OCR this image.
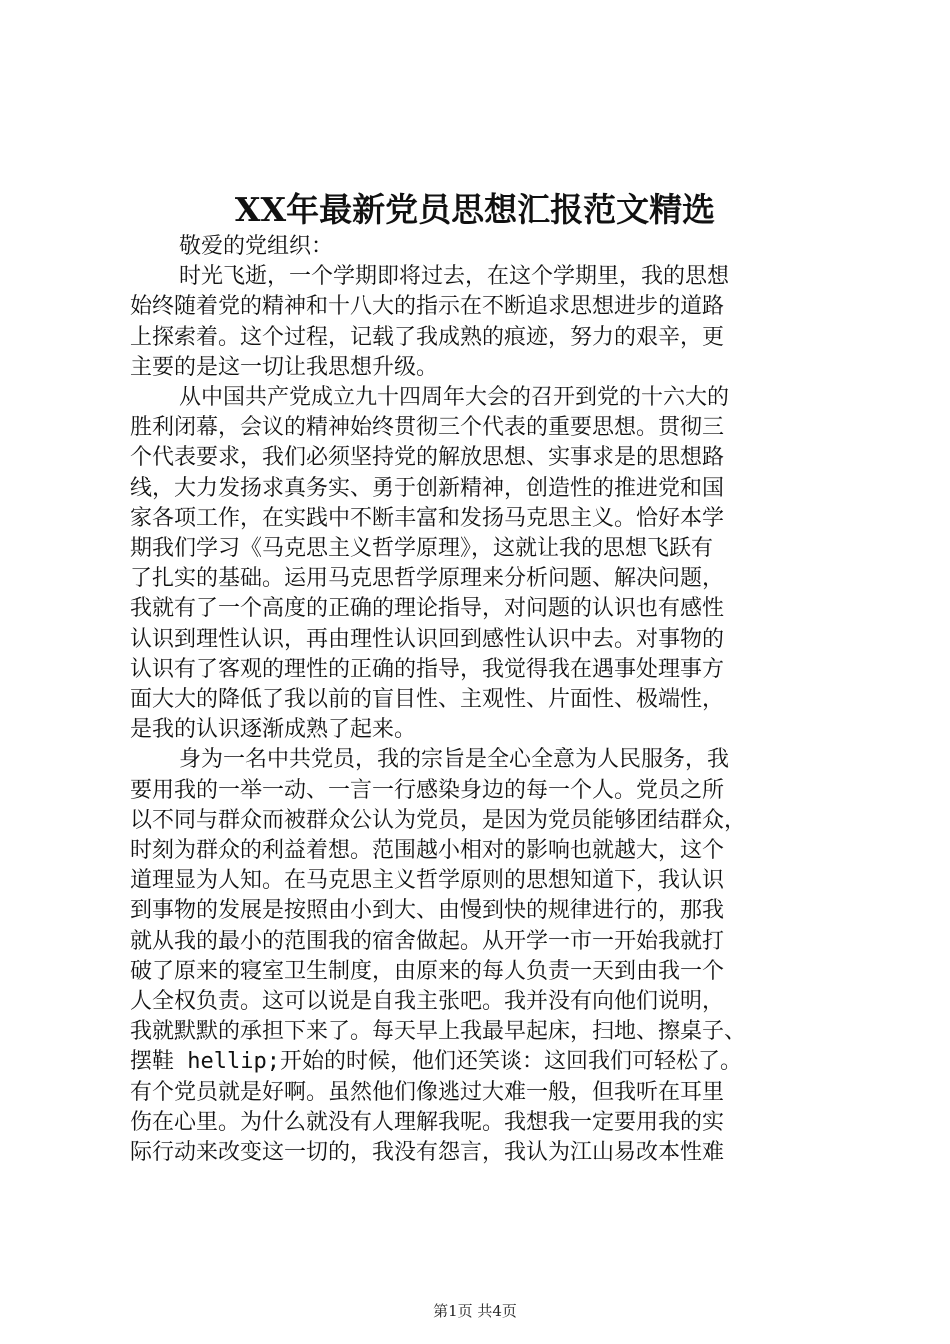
XX年最新党员思想汇报范文精选
敬爱的党组织：

时光飞逝，一个学期即将过去，在这个学期里，我的思想
始终随着党的精神和十八大的指示在不断追求思想进步的道路
上探索着。这个过程，记载了我成熟的痕迹，努力的艰辛，更
主要的是这一切让我思想升级。

从中国共产党成立九十四周年大会的召开到党的十六大的
胜利闭幕，会议的精神始终贯彻三个代表的重要思想。贯彻三
个代表要求，我们必须坚持党的解放思想、实事求是的思想路
线，大力发扬求真务实、勇于创新精神，创造性的推进党和国
家各项工作，在实践中不断丰富和发扬马克思主义。恰好本学
期我们学习《马克思主义哲学原理》，这就让我的思想飞跃有
了扎实的基础。运用马克思哲学原理来分析问题、解决问题，
我就有了一个高度的正确的理论指导，对问题的认识也有感性
认识到理性认识，再由理性认识回到感性认识中去。对事物的
认识有了客观的理性的正确的指导，我觉得我在遇事处理事方
面大大的降低了我以前的盲目性、主观性、片面性、极端性，
是我的认识逐渐成熟了起来。

身为一名中共党员，我的宗旨是全心全意为人民服务，我
要用我的一举一动、一言一行感染身边的每一个人。党员之所
以不同与群众而被群众公认为党员，是因为党员能够团结群众，
时刻为群众的利益着想。范围越小相对的影响也就越大，这个
道理显为人知。在马克思主义哲学原则的思想知道下，我认识
到事物的发展是按照由小到大、由慢到快的规律进行的，那我
就从我的最小的范围我的宿舍做起。从开学一市一开始我就打
破了原来的寝室卫生制度，由原来的每人负责一天到由我一个
人全权负责。这可以说是自我主张吧。我并没有向他们说明，
我就默默的承担下来了。每天早上我最早起床，扫地、擦桌子、
摆鞋 hellip;开始的时候，他们还笑谈：这回我们可轻松了。
有个党员就是好啊。虽然他们像逃过大难一般，但我听在耳里
伤在心里。为什么就没有人理解我呢。我想我一定要用我的实
际行动来改变这一切的，我没有怨言，我认为江山易改本性难

第1页 共4页
